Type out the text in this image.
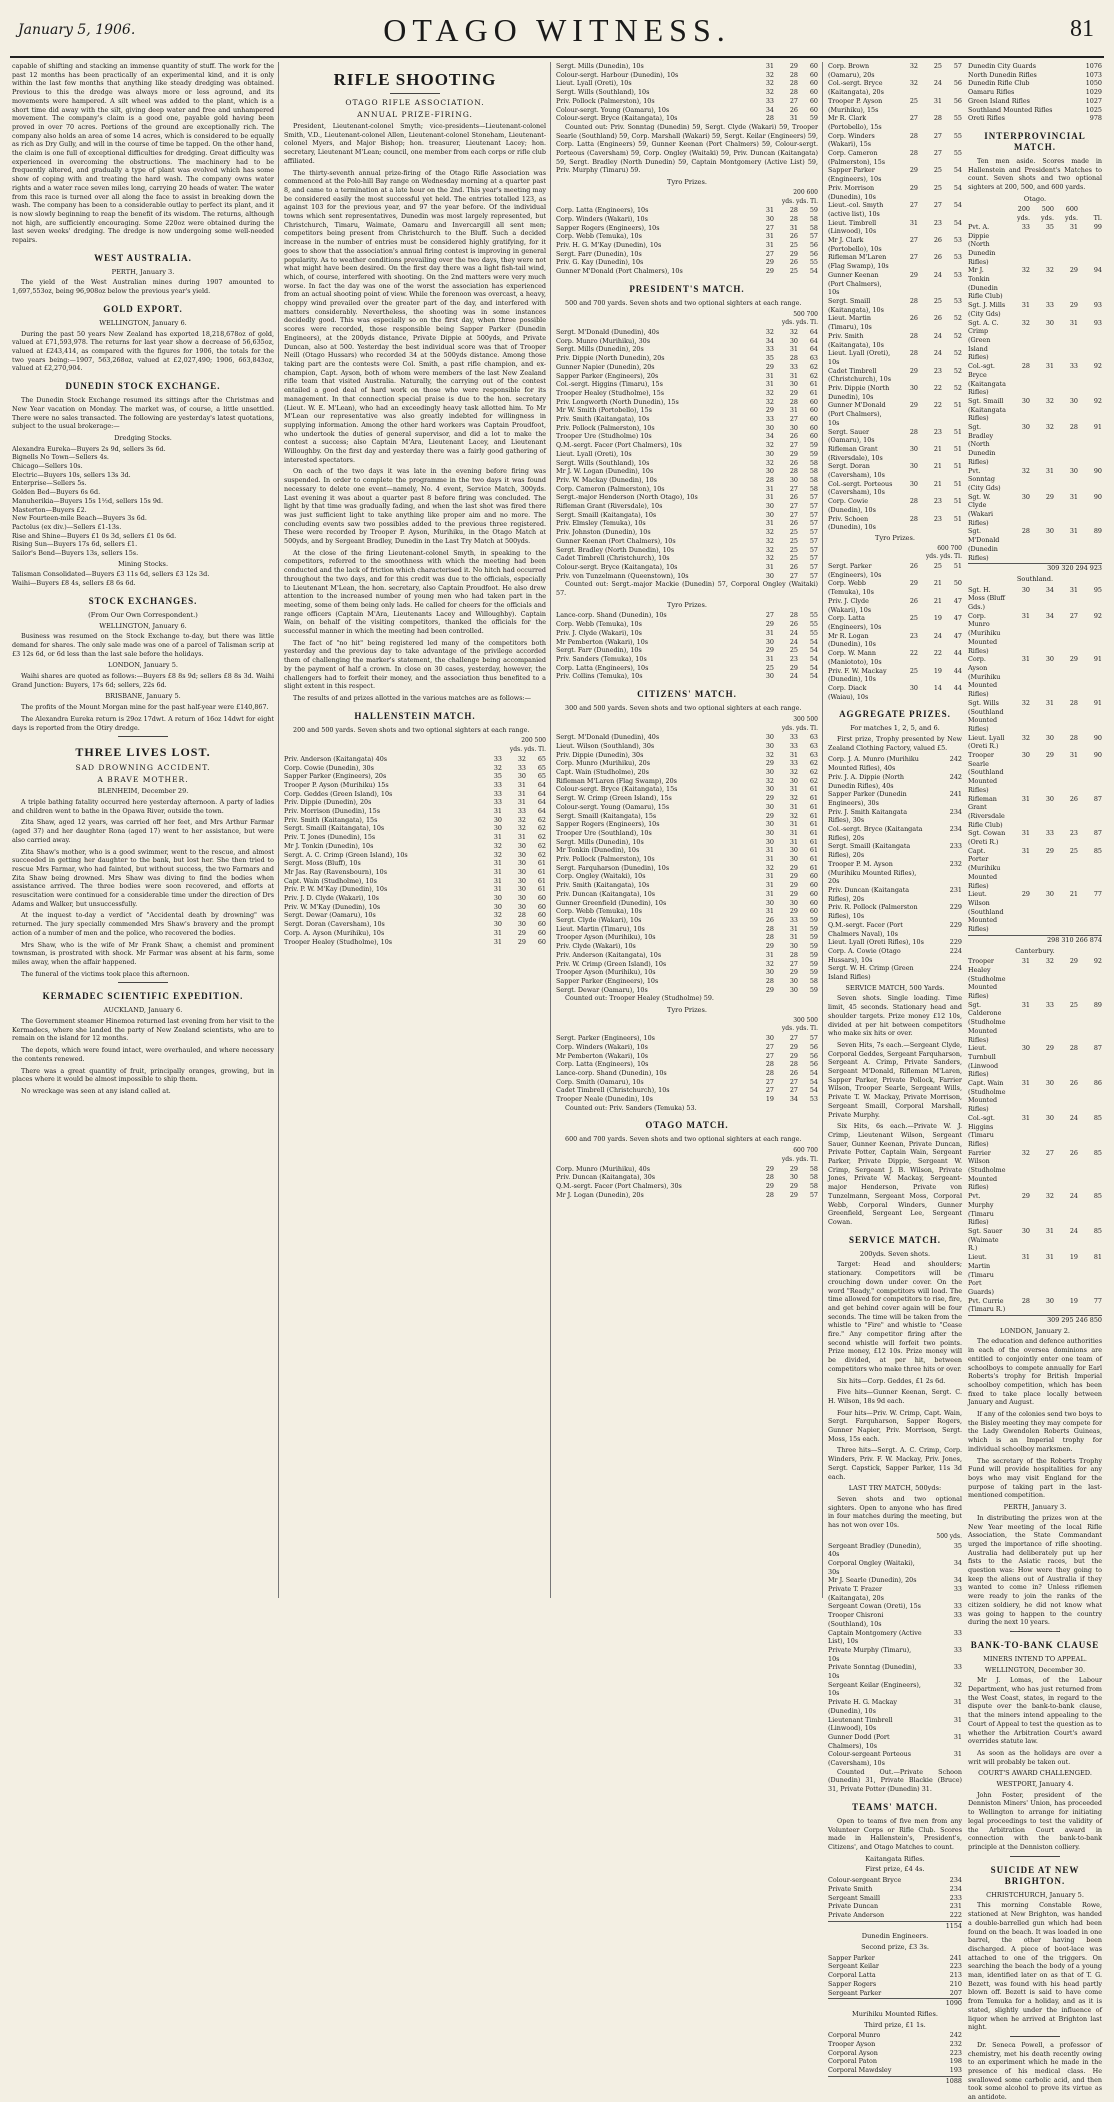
January 5, 1906.	OTAGO WITNESS.	81

capable of shifting and stacking an immense quantity of stuff. The work for the past 12 months has been practically of an experimental kind, and it is only within the last few months that anything like steady dredging was obtained. Previous to this the dredge was always more or less aground, and its movements were hampered. A silt wheel was added to the plant, which is a short time did away with the silt, giving deep water and free and unhampered movement. The company's claim is a good one, payable gold having been proved in over 70 acres. Portions of the ground are exceptionally rich. The company also holds an area of some 14 acres, which is considered to be equally as rich as Dry Gully, and will in the course of time be tapped. On the other hand, the claim is one full of exceptional difficulties for dredging. Great difficulty was experienced in overcoming the obstructions. The machinery had to be frequently altered, and gradually a type of plant was evolved which has some show of coping with and treating the hard wash. The company owns water rights and a water race seven miles long, carrying 20 heads of water. The water from this race is turned over all along the face to assist in breaking down the wash. The company has been to a considerable outlay to perfect its plant, and it is now slowly beginning to reap the benefit of its wisdom. The returns, although not high, are sufficiently encouraging. Some 220oz were obtained during the last seven weeks' dredging. The dredge is now undergoing some well-needed repairs.

WEST AUSTRALIA.
PERTH, January 3.

The yield of the West Australian mines during 1907 amounted to 1,697,553oz, being 96,908oz below the previous year's yield.

GOLD EXPORT.
WELLINGTON, January 6.

During the past 50 years New Zealand has exported 18,218,678oz of gold, valued at £71,593,978. The returns for last year show a decrease of 56,635oz, valued at £243,414, as compared with the figures for 1906, the totals for the two years being:—1907, 563,268oz, valued at £2,027,490; 1906, 663,843oz, valued at £2,270,904.

DUNEDIN STOCK EXCHANGE.

The Dunedin Stock Exchange resumed its sittings after the Christmas and New Year vacation on Monday. The market was, of course, a little unsettled. There were no sales transacted. The following are yesterday's latest quotations, subject to the usual brokerage:—

Dredging Stocks.
Alexandra Eureka—Buyers 2s 9d, sellers 3s 6d.
Bignells No Town—Sellers 4s.
Chicago—Sellers 10s.
Electric—Buyers 10s, sellers 13s 3d.
Enterprise—Sellers 5s.
Golden Bed—Buyers 6s 6d.
Manuherikia—Buyers 15s 1½d, sellers 15s 9d.
Masterton—Buyers £2.
New Fourteen-mile Beach—Buyers 3s 6d.
Pactolus (ex div.)—Sellers £1-13s.
Rise and Shine—Buyers £1 0s 3d, sellers £1 0s 6d.
Rising Sun—Buyers 17s 6d, sellers £1.
Sailor's Bend—Buyers 13s, sellers 15s.
Mining Stocks.
Talisman Consolidated—Buyers £3 11s 6d, sellers £3 12s 3d.
Waihi—Buyers £8 4s, sellers £8 6s 6d.
STOCK EXCHANGES.
(From Our Own Correspondent.)
WELLINGTON, January 6.

Business was resumed on the Stock Exchange to-day, but there was little demand for shares. The only sale made was one of a parcel of Talisman scrip at £3 12s 6d, or 6d less than the last sale before the holidays.

LONDON, January 5.

Waihi shares are quoted as follows:—Buyers £8 8s 9d; sellers £8 8s 3d. Waihi Grand Junction: Buyers, 17s 6d; sellers, 22s 6d.

BRISBANE, January 5.

The profits of the Mount Morgan mine for the past half-year were £140,867.

The Alexandra Eureka return is 29oz 17dwt. A return of 16oz 14dwt for eight days is reported from the Otiry dredge.

THREE LIVES LOST.
SAD DROWNING ACCIDENT.
A BRAVE MOTHER.
BLENHEIM, December 29.

A triple bathing fatality occurred here yesterday afternoon. A party of ladies and children went to bathe in the Opawa River, outside the town.

Zita Shaw, aged 12 years, was carried off her feet, and Mrs Arthur Farmar (aged 37) and her daughter Rona (aged 17) went to her assistance, but were also carried away.

Zita Shaw's mother, who is a good swimmer, went to the rescue, and almost succeeded in getting her daughter to the bank, but lost her. She then tried to rescue Mrs Farmar, who had fainted, but without success, the two Farmars and Zita Shaw being drowned. Mrs Shaw was diving to find the bodies when assistance arrived. The three bodies were soon recovered, and efforts at resuscitation were continued for a considerable time under the direction of Drs Adams and Walker, but unsuccessfully.

At the inquest to-day a verdict of "Accidental death by drowning" was returned. The jury specially commended Mrs Shaw's bravery and the prompt action of a number of men and the police, who recovered the bodies.

Mrs Shaw, who is the wife of Mr Frank Shaw, a chemist and prominent townsman, is prostrated with shock. Mr Farmar was absent at his farm, some miles away, when the affair happened.

The funeral of the victims took place this afternoon.

KERMADEC SCIENTIFIC EXPEDITION.
AUCKLAND, January 6.

The Government steamer Hinemoa returned last evening from her visit to the Kermadecs, where she landed the party of New Zealand scientists, who are to remain on the island for 12 months.

The depots, which were found intact, were overhauled, and where necessary the contents renewed.

There was a great quantity of fruit, principally oranges, growing, but in places where it would be almost impossible to ship them.

No wreckage was seen at any island called at.

RIFLE SHOOTING
OTAGO RIFLE ASSOCIATION.
ANNUAL PRIZE-FIRING.

President, Lieutenant-colonel Smyth; vice-presidents—Lieutenant-colonel Smith, V.D., Lieutenant-colonel Allen, Lieutenant-colonel Stoneham, Lieutenant-colonel Myers, and Major Bishop; hon. treasurer, Lieutenant Lacey; hon. secretary, Lieutenant M'Lean; council, one member from each corps or rifle club affiliated.

The thirty-seventh annual prize-firing of the Otago Rifle Association was commenced at the Polo-hill Bay range on Wednesday morning at a quarter past 8, and came to a termination at a late hour on the 2nd. This year's meeting may be considered easily the most successful yet held. The entries totalled 123, as against 103 for the previous year, and 97 the year before. Of the individual towns which sent representatives, Dunedin was most largely represented, but Christchurch, Timaru, Waimate, Oamaru and Invercargill all sent men; competitors being present from Christchurch to the Bluff. Such a decided increase in the number of entries must be considered highly gratifying, for it goes to show that the association's annual firing contest is improving in general popularity. As to weather conditions prevailing over the two days, they were not what might have been desired. On the first day there was a light fish-tail wind, which, of course, interfered with shooting. On the 2nd matters were very much worse. In fact the day was one of the worst the association has experienced from an actual shooting point of view. While the forenoon was overcast, a heavy, choppy wind prevailed over the greater part of the day, and interfered with matters considerably. Nevertheless, the shooting was in some instances decidedly good. This was especially so on the first day, when three possible scores were recorded, those responsible being Sapper Parker (Dunedin Engineers), at the 200yds distance, Private Dippie at 500yds, and Private Duncan, also at 500. Yesterday the best individual score was that of Trooper Neill (Otago Hussars) who recorded 34 at the 500yds distance. Among those taking part are the contests were Col. Smith, a past rifle champion, and ex-champion, Capt. Ayson, both of whom were members of the last New Zealand rifle team that visited Australia. Naturally, the carrying out of the contest entailed a good deal of hard work on those who were responsible for its management. In that connection special praise is due to the hon. secretary (Lieut. W. E. M'Lean), who had an exceedingly heavy task allotted him. To Mr M'Lean our representative was also greatly indebted for willingness in supplying information. Among the other hard workers was Captain Proudfoot, who undertook the duties of general supervisor, and did a lot to make the contest a success; also Captain M'Ara, Lieutenant Lacey, and Lieutenant Willoughby. On the first day and yesterday there was a fairly good gathering of interested spectators.

On each of the two days it was late in the evening before firing was suspended. In order to complete the programme in the two days it was found necessary to delete one event—namely, No. 4 event, Service Match, 300yds. Last evening it was about a quarter past 8 before firing was concluded. The light by that time was gradually fading, and when the last shot was fired there was just sufficient light to take anything like proper aim and no more. The concluding events saw two possibles added to the previous three registered. These were recorded by Trooper P. Ayson, Murihiku, in the Otago Match at 500yds, and by Sergeant Bradley, Dunedin in the Last Try Match at 500yds.

At the close of the firing Lieutenant-colonel Smyth, in speaking to the competitors, referred to the smoothness with which the meeting had been conducted and the lack of friction which characterised it. No hitch had occurred throughout the two days, and for this credit was due to the officials, especially to Lieutenant M'Lean, the hon. secretary, also Captain Proudfoot. He also drew attention to the increased number of young men who had taken part in the meeting, some of them being only lads. He called for cheers for the officials and range officers (Captain M'Ara, Lieutenants Lacey and Willoughby). Captain Wain, on behalf of the visiting competitors, thanked the officials for the successful manner in which the meeting had been controlled.

The fact of "no hit" being registered led many of the competitors both yesterday and the previous day to take advantage of the privilege accorded them of challenging the marker's statement, the challenge being accompanied by the payment of half a crown. In close on 30 cases, yesterday, however, the challengers had to forfeit their money, and the association thus benefited to a slight extent in this respect.

The results of and prizes allotted in the various matches are as follows:—

HALLENSTEIN MATCH.

200 and 500 yards. Seven shots and two optional sighters at each range.

200 500
yds. yds. Tl.
Priv. Anderson (Kaitangata) 40s	33	32	65
Corp. Cowie (Dunedin), 30s	32	33	65
Sapper Parker (Engineers), 20s	35	30	65
Trooper P. Ayson (Murihiku) 15s	33	31	64
Corp. Geddes (Green Island), 10s	33	31	64
Priv. Dippie (Dunedin), 20s	33	31	64
Priv. Morrison (Dunedin), 15s	31	33	64
Priv. Smith (Kaitangata), 15s	30	32	62
Sergt. Smaill (Kaitangata), 10s	30	32	62
Priv. T. Jones (Dunedin), 15s	31	31	62
Mr J. Tonkin (Dunedin), 10s	32	30	62
Sergt. A. C. Crimp (Green Island), 10s	32	30	62
Sergt. Moss (Bluff), 10s	31	30	61
Mr Jas. Ray (Ravensbourn), 10s	31	30	61
Capt. Wain (Studholme), 10s	31	30	61
Priv. P. W. M'Kay (Dunedin), 10s	31	30	61
Priv. J. D. Clyde (Wakari), 10s	30	30	60
Priv. W. M'Kay (Dunedin), 10s	30	30	60
Sergt. Dewar (Oamaru), 10s	32	28	60
Sergt. Doran (Caversham), 10s	30	30	60
Corp. A. Ayson (Murihiku), 10s	31	29	60
Trooper Healey (Studholme), 10s	31	29	60
Sergt. Mills (Dunedin), 10s	31	29	60
Colour-sergt. Harbour (Dunedin), 10s	32	28	60
Lieut. Lyall (Oreti), 10s	32	28	60
Sergt. Wills (Southland), 10s	32	28	60
Priv. Pollock (Palmerston), 10s	33	27	60
Colour-sergt. Young (Oamaru), 10s	34	26	60
Colour-sergt. Bryce (Kaitangata), 10s	28	31	59

Counted out: Priv. Sonntag (Dunedin) 59, Sergt. Clyde (Wakari) 59, Trooper Searle (Southland) 59, Corp. Marshall (Wakari) 59, Sergt. Keilar (Engineers) 59, Corp. Latta (Engineers) 59, Gunner Keenan (Port Chalmers) 59, Colour-sergt. Porteous (Caversham) 59, Corp. Ongley (Waitaki) 59, Priv. Duncan (Kaitangata) 59, Sergt. Bradley (North Dunedin) 59, Captain Montgomery (Active List) 59, Priv. Murphy (Timaru) 59.

Tyro Prizes.
200 600
yds. yds. Tl.
Corp. Latta (Engineers), 10s	31	28	59
Corp. Winders (Wakari), 10s	30	28	58
Sapper Rogers (Engineers), 10s	27	31	58
Corp. Webb (Temuka), 10s	31	26	57
Priv. H. G. M'Kay (Dunedin), 10s	31	25	56
Sergt. Farr (Dunedin), 10s	27	29	56
Priv. G. Kay (Dunedin), 10s	29	26	55
Gunner M'Donald (Port Chalmers), 10s	29	25	54
PRESIDENT'S MATCH.

500 and 700 yards. Seven shots and two optional sighters at each range.

500 700
yds. yds. Tl.
Sergt. M'Donald (Dunedin), 40s	32	32	64
Corp. Munro (Murihiku), 30s	34	30	64
Sergt. Mills (Dunedin), 20s	33	31	64
Priv. Dippie (North Dunedin), 20s	35	28	63
Gunner Napier (Dunedin), 20s	29	33	62
Sapper Parker (Engineers), 20s	31	31	62
Col.-sergt. Higgins (Timaru), 15s	31	30	61
Trooper Healey (Studholme), 15s	32	29	61
Priv. Longworth (North Dunedin), 15s	32	28	60
Mr W. Smith (Portobello), 15s	29	31	60
Priv. Smith (Kaitangata), 10s	33	27	60
Priv. Pollock (Palmerston), 10s	30	30	60
Trooper Ure (Studholme) 10s	34	26	60
Q.M.-sergt. Facer (Port Chalmers), 10s	32	27	59
Lieut. Lyall (Oreti), 10s	30	29	59
Sergt. Wills (Southland), 10s	32	26	58
Mr J. W. Logan (Dunedin), 10s	30	28	58
Priv. W. Mackay (Dunedin), 10s	28	30	58
Corp. Cameron (Palmerston), 10s	31	27	58
Sergt.-major Henderson (North Otago), 10s	31	26	57
Rifleman Grant (Riversdale), 10s	30	27	57
Sergt. Smaill (Kaitangata), 10s	30	27	57
Priv. Elmsley (Temuka), 10s	31	26	57
Priv. Johnston (Dunedin), 10s	32	25	57
Gunner Keenan (Port Chalmers), 10s	32	25	57
Sergt. Bradley (North Dunedin), 10s	32	25	57
Cadet Timbrell (Christchurch), 10s	32	25	57
Colour-sergt. Bryce (Kaitangata), 10s	31	26	57
Priv. von Tunzelmann (Queenstown), 10s	30	27	57

Counted out: Sergt.-major Mackie (Dunedin) 57, Corporal Ongley (Waitaki) 57.

Tyro Prizes.
Lance-corp. Shand (Dunedin), 10s	27	28	55
Corp. Webb (Temuka), 10s	29	26	55
Priv. J. Clyde (Wakari), 10s	31	24	55
Mr Pemberton (Wakari), 10s	30	24	54
Sergt. Farr (Dunedin), 10s	29	25	54
Priv. Sanders (Temuka), 10s	31	23	54
Corp. Latta (Engineers), 10s	25	29	54
Priv. Collins (Temuka), 10s	30	24	54
CITIZENS' MATCH.

300 and 500 yards. Seven shots and two optional sighters at each range.

300 500
yds. yds. Tl.
Sergt. M'Donald (Dunedin), 40s	30	33	63
Lieut. Wilson (Southland), 30s	30	33	63
Priv. Dippie (Dunedin), 30s	32	31	63
Corp. Munro (Murihiku), 20s	29	33	62
Capt. Wain (Studholme), 20s	30	32	62
Rifleman M'Laren (Flag Swamp), 20s	32	30	62
Colour-sergt. Bryce (Kaitangata), 15s	30	31	61
Sergt. W. Crimp (Green Island), 15s	29	32	61
Colour-sergt. Young (Oamaru), 15s	30	31	61
Sergt. Smaill (Kaitangata), 15s	29	32	61
Sapper Rogers (Engineers), 10s	30	31	61
Trooper Ure (Southland), 10s	30	31	61
Sergt. Mills (Dunedin), 10s	30	31	61
Mr Tonkin (Dunedin), 10s	31	30	61
Priv. Pollock (Palmerston), 10s	31	30	61
Sergt. Farquharson (Dunedin), 10s	32	29	61
Corp. Ongley (Waitaki), 10s	31	29	60
Priv. Smith (Kaitangata), 10s	31	29	60
Priv. Duncan (Kaitangata), 10s	31	29	60
Gunner Greenfield (Dunedin), 10s	30	30	60
Corp. Webb (Temuka), 10s	31	29	60
Sergt. Clyde (Wakari), 10s	26	33	59
Lieut. Martin (Timaru), 10s	28	31	59
Trooper Ayson (Murihiku), 10s	28	31	59
Priv. Clyde (Wakari), 10s	29	30	59
Priv. Anderson (Kaitangata), 10s	31	28	59
Priv. W. Crimp (Green Island), 10s	32	27	59
Trooper Ayson (Murihiku), 10s	30	29	59
Sapper Parker (Engineers), 10s	28	30	58
Sergt. Dewar (Oamaru), 10s	29	30	59

Counted out: Trooper Healey (Studholme) 59.

Tyro Prizes.
300 500
yds. yds. Tl.
Sergt. Parker (Engineers), 10s	30	27	57
Corp. Winders (Wakari), 10s	27	29	56
Mr Pemberton (Wakari), 10s	27	29	56
Corp. Latta (Engineers), 10s	28	28	56
Lance-corp. Shand (Dunedin), 10s	28	26	54
Corp. Smith (Oamaru), 10s	27	27	54
Cadet Timbrell (Christchurch), 10s	27	27	54
Trooper Neale (Dunedin), 10s	19	34	53

Counted out: Priv. Sanders (Temuka) 53.

OTAGO MATCH.

600 and 700 yards. Seven shots and two optional sighters at each range.

600 700
yds. yds. Tl.
Corp. Munro (Murihiku), 40s	29	29	58
Priv. Duncan (Kaitangata), 30s	28	30	58
Q.M.-sergt. Facer (Port Chalmers), 30s	29	29	58
Mr J. Logan (Dunedin), 20s	28	29	57
Corp. Brown (Oamaru), 20s
32	25	57
Col.-sergt. Bryce (Kaitangata), 20s
32	24	56
Trooper P. Ayson (Murihiku), 15s
25	31	56
Mr R. Clark (Portobello), 15s
27	28	55
Corp. Winders (Wakari), 15s
28	27	55
Corp. Cameron (Palmerston), 15s
28	27	55
Sapper Parker (Engineers), 10s
29	25	54
Priv. Morrison (Dunedin), 10s
29	25	54
Lieut.-col. Smyth (active list), 10s
27	27	54
Lieut. Timbrell (Linwood), 10s
31	23	54
Mr J. Clark (Portobello), 10s
27	26	53
Rifleman M'Laren (Flag Swamp), 10s
27	26	53
Gunner Keenan (Port Chalmers), 10s
29	24	53
Sergt. Smaill (Kaitangata), 10s
28	25	53
Lieut. Martin (Timaru), 10s
26	26	52
Priv. Smith (Kaitangata), 10s
28	24	52
Lieut. Lyall (Oreti), 10s
28	24	52
Cadet Timbrell (Christchurch), 10s
29	23	52
Priv. Dippie (North Dunedin), 10s
30	22	52
Gunner M'Donald (Port Chalmers), 10s
29	22	51
Sergt. Sauer (Oamaru), 10s
28	23	51
Rifleman Grant (Riversdale), 10s
30	21	51
Sergt. Doran (Caversham), 10s
30	21	51
Col.-sergt. Porteous (Caversham), 10s
30	21	51
Corp. Cowie (Dunedin), 10s
28	23	51
Priv. Schoen (Dunedin), 10s
28	23	51
Tyro Prizes.
600 700
yds. yds. Tl.
Sergt. Parker (Engineers), 10s
26	25	51
Corp. Webb (Temuka), 10s
29	21	50
Priv. J. Clyde (Wakari), 10s
26	21	47
Corp. Latta (Engineers), 10s
25	19	47
Mr R. Logan (Dunedin), 10s
23	24	47
Corp. W. Mann (Maniototo), 10s
22	22	44
Priv. F. W. Mackay (Dunedin), 10s
25	19	44
Corp. Diack (Waiau), 10s
30	14	44
AGGREGATE PRIZES.
For matches 1, 2, 5, and 6.

First prize, Trophy presented by New Zealand Clothing Factory, valued £5.

Corp. J. A. Munro (Murihiku Mounted Rifles), 40s
242
Priv. J. A. Dippie (North Dunedin Rifles), 40s
242
Sapper Parker (Dunedin Engineers), 30s
241
Priv. J. Smith Kaitangata Rifles), 30s
234
Col.-sergt. Bryce (Kaitangata Rifles), 20s
234
Sergt. Smaill (Kaitangata Rifles), 20s
233
Trooper P. M. Ayson (Murihiku Mounted Rifles), 20s
232
Priv. Duncan (Kaitangata Rifles), 20s
231
Priv. R. Pollock (Palmerston Rifles), 10s
229
Q.M.-sergt. Facer (Port Chalmers Naval), 10s
229
Lieut. Lyall (Oreti Rifles), 10s	229
Corp. A. Cowie (Otago Hussars), 10s
224
Sergt. W. H. Crimp (Green Island Rifles)
224
SERVICE MATCH, 500 Yards.

Seven shots. Single loading. Time limit, 45 seconds. Stationary head and shoulder targets. Prize money £12 10s, divided at per hit between competitors who make six hits or over.

Seven Hits, 7s each.—Sergeant Clyde, Corporal Geddes, Sergeant Farquharson, Sergeant A. Crimp, Private Sanders, Sergeant M'Donald, Rifleman M'Laren, Sapper Parker, Private Pollock, Farrier Wilson, Trooper Searle, Sergeant Wills, Private T. W. Mackay, Private Morrison, Sergeant Smaill, Corporal Marshall, Private Murphy.

Six Hits, 6s each.—Private W. J. Crimp, Lieutenant Wilson, Sergeant Sauer, Gunner Keenan, Private Duncan, Private Potter, Captain Wain, Sergeant Parker, Private Dippie, Sergeant W. Crimp, Sergeant J. B. Wilson, Private Jones, Private W. Mackay, Sergeant-major Henderson, Private von Tunzelmann, Sergeant Moss, Corporal Webb, Corporal Winders, Gunner Greenfield, Sergeant Lee, Sergeant Cowan.

SERVICE MATCH.
200yds. Seven shots.

Target: Head and shoulders; stationary. Competitors will be crouching down under cover. On the word "Ready," competitors will load. The time allowed for competitors to rise, fire, and get behind cover again will be four seconds. The time will be taken from the whistle to "Fire" and whistle to "Cease fire." Any competitor firing after the second whistle will forfeit two points. Prize money, £12 10s. Prize money will be divided, at per hit, between competitors who make three hits or over.

Six hits—Corp. Geddes, £1 2s 6d.

Five hits—Gunner Keenan, Sergt. C. H. Wilson, 18s 9d each.

Four hits—Priv. W. Crimp, Capt. Wain, Sergt. Farquharson, Sapper Rogers, Gunner Napier, Priv. Morrison, Sergt. Moss, 15s each.

Three hits—Sergt. A. C. Crimp, Corp. Winders, Priv. F. W. Mackay, Priv. Jones, Sergt. Capstick, Sapper Parker, 11s 3d each.

LAST TRY MATCH, 500yds:

Seven shots and two optional sighters. Open to anyone who has fired in four matches during the meeting, but has not won over 10s.

500 yds.
Sergeant Bradley (Dunedin), 40s
35
Corporal Ongley (Waitaki), 30s
34
Mr J. Searle (Dunedin), 20s	34
Private T. Frazer (Kaitangata), 20s
33
Sergeant Cowan (Oreti), 15s	33
Trooper Chisroni (Southland), 10s
33
Captain Montgomery (Active List), 10s
33
Private Murphy (Timaru), 10s
33
Private Sonntag (Dunedin), 10s
33
Sergeant Keilar (Engineers), 10s
32
Private H. G. Mackay (Dunedin), 10s
31
Lieutenant Timbrell (Linwood), 10s
31
Gunner Dodd (Port Chalmers), 10s
31
Colour-sergeant Porteous (Caversham), 10s
31

Counted Out.—Private Schoon (Dunedin) 31, Private Blackie (Bruce) 31, Private Potter (Dunedin) 31.

TEAMS' MATCH.

Open to teams of five men from any Volunteer Corps or Rifle Club. Scores made in Hallenstein's, President's, Citizens', and Otago Matches to count.

Kaitangata Rifles.
First prize, £4 4s.
Colour-sergeant Bryce	234
Private Smith	234
Sergeant Smaill	233
Private Duncan	231
Private Anderson	222
1154
Dunedin Engineers.
Second prize, £3 3s.
Sapper Parker	241
Sergeant Keilar	223
Corporal Latta	213
Sapper Rogers	210
Sergeant Parker	207
1090
Murihiku Mounted Rifles.
Third prize, £1 1s.
Corporal Munro	242
Trooper Ayson	232
Corporal Ayson	223
Corporal Paton	198
Corporal Mawdsley	193
1088
Dunedin City Guards	1076
North Dunedin Rifles	1073
Dunedin Rifle Club	1050
Oamaru Rifles	1029
Green Island Rifles	1027
Southland Mounted Rifles	1025
Oreti Rifles	978
INTERPROVINCIAL MATCH.

Ten men aside. Scores made in Hallenstein and President's Matches to count. Seven shots and two optional sighters at 200, 500, and 600 yards.

Otago.
200	500	600
yds.	yds.	yds.	Tl.
Pvt. A. Dippie (North Dunedin Rifles)
33	35	31	99
Mr J. Tonkin (Dunedin Rifle Club)
32	32	29	94
Sgt. J. Mills (City Gds)
31	33	29	93
Sgt. A. C. Crimp (Green Island Rifles)
32	30	31	93
Col.-sgt. Bryce (Kaitangata Rifles)
28	31	33	92
Sgt. Smaill (Kaitangata Rifles)
30	32	30	92
Sgt. Bradley (North Dunedin Rifles)
30	32	28	91
Pvt. Sonntag (City Gds)
32	31	30	90
Sgt. W. Clyde (Wakari Rifles)
30	29	31	90
Sgt. M'Donald (Dunedin Rifles)
28	30	31	89
309 320 294 923
Southland.
Sgt. H. Moss (Bluff Gds.)
30	34	31	95
Corp. Munro (Murihiku Mounted Rifles)
31	34	27	92
Corp. Ayson (Murihiku Mounted Rifles)
31	30	29	91
Sgt. Wills (Southland Mounted Rifles)
32	31	28	91
Lieut. Lyall (Oreti R.)
32	30	28	90
Trooper Searle (Southland Mounted Rifles)
30	29	31	90
Rifleman Grant (Riversdale Rifle Club)
31	30	26	87
Sgt. Cowan (Oreti R.)
31	33	23	87
Capt. Porter (Murihiku Mounted Rifles)
31	29	25	85
Lieut. Wilson (Southland Mounted Rifles)
29	30	21	77
298 310 266 874
Canterbury.
Trooper Healey (Studholme Mounted Rifles)
31	32	29	92
Sgt. Calderone (Studholme Mounted Rifles)
31	33	25	89
Lieut. Turnbull (Linwood Rifles)
30	29	28	87
Capt. Wain (Studholme Mounted Rifles)
31	30	26	86
Col.-sgt. Higgins (Timaru Rifles)
31	30	24	85
Farrier Wilson (Studholme Mounted Rifles)
32	27	26	85
Pvt. Murphy (Timaru Rifles)
29	32	24	85
Sgt. Sauer (Waimate R.)
30	31	24	85
Lieut. Martin (Timaru Port Guards)
31	31	19	81
Pvt. Currie (Timaru R.)
28	30	19	77
309 295 246 850
LONDON, January 2.

The education and defence authorities in each of the oversea dominions are entitled to conjointly enter one team of schoolboys to compete annually for Earl Roberts's trophy for British Imperial schoolboy competition, which has been fixed to take place locally between January and August.

If any of the colonies send two boys to the Bisley meeting they may compete for the Lady Gwendolen Roberts Guineas, which is an Imperial trophy for individual schoolboy marksmen.

The secretary of the Roberts Trophy Fund will provide hospitalities for any boys who may visit England for the purpose of taking part in the last-mentioned competition.

PERTH, January 3.

In distributing the prizes won at the New Year meeting of the local Rifle Association, the State Commandant urged the importance of rifle shooting. Australia had deliberately put up her fists to the Asiatic races, but the question was: How were they going to keep the aliens out of Australia if they wanted to come in? Unless riflemen were ready to join the ranks of the citizen soldiery, he did not know what was going to happen to the country during the next 10 years.

BANK-TO-BANK CLAUSE
MINERS INTEND TO APPEAL.
WELLINGTON, December 30.

Mr J. Lomas, of the Labour Department, who has just returned from the West Coast, states, in regard to the dispute over the bank-to-bank clause, that the miners intend appealing to the Court of Appeal to test the question as to whether the Arbitration Court's award overrides statute law.

As soon as the holidays are over a writ will probably be taken out.

COURT'S AWARD CHALLENGED.
WESTPORT, January 4.

John Foster, president of the Denniston Miners' Union, has proceeded to Wellington to arrange for initiating legal proceedings to test the validity of the Arbitration Court award in connection with the bank-to-bank principle at the Denniston colliery.

SUICIDE AT NEW BRIGHTON.
CHRISTCHURCH, January 5.

This morning Constable Rowe, stationed at New Brighton, was handed a double-barrelled gun which had been found on the beach. It was loaded in one barrel, the other having been discharged. A piece of boot-lace was attached to one of the triggers. On searching the beach the body of a young man, identified later on as that of T. G. Bezett, was found with his head partly blown off. Bezett is said to have come from Temuka for a holiday, and as it is stated, slightly under the influence of liquor when he arrived at Brighton last night.

Dr. Seneca Powell, a professor of chemistry, met his death recently owing to an experiment which he made in the presence of his medical class. He swallowed some carbolic acid, and then took some alcohol to prove its virtue as an antidote.
